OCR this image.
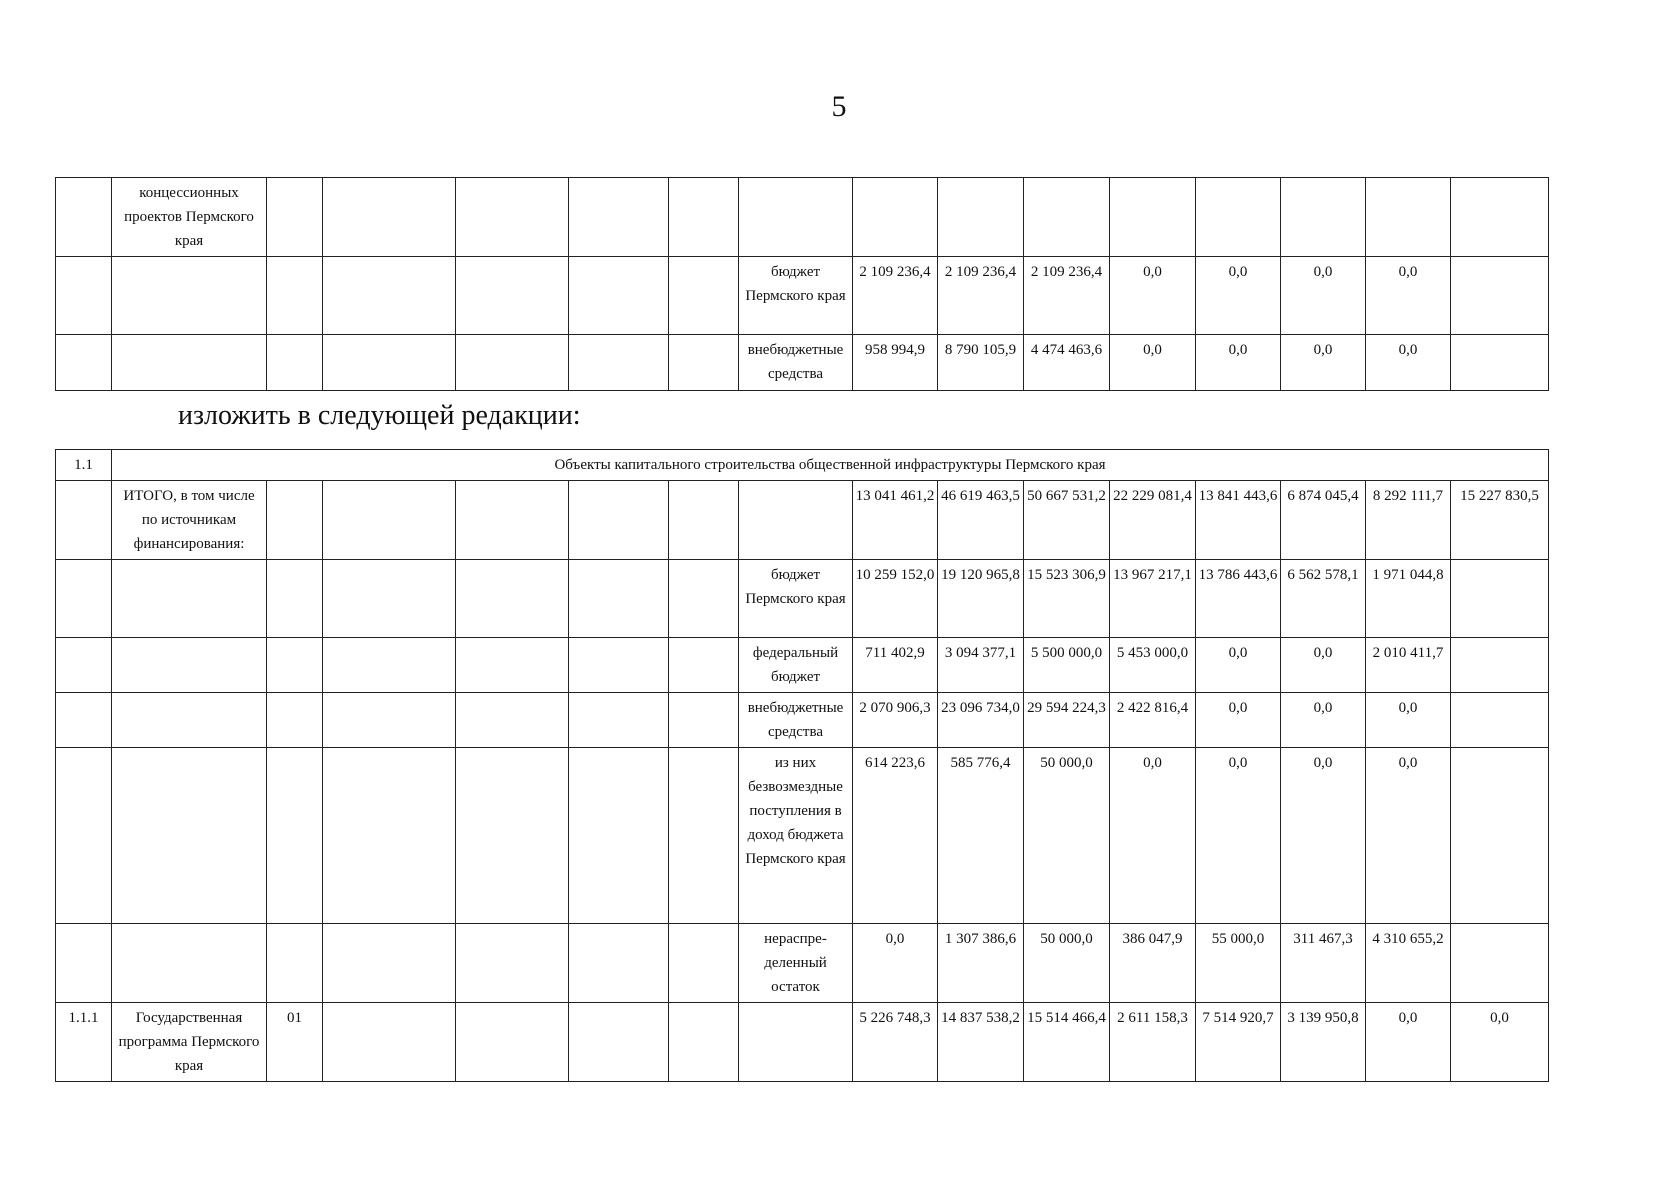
5
	концессионных проектов Пермского края														
							бюджет Пермского края	2 109 236,4	2 109 236,4	2 109 236,4	0,0	0,0	0,0	0,0	
							внебюджетные средства	958 994,9	8 790 105,9	4 474 463,6	0,0	0,0	0,0	0,0	
изложить в следующей редакции:
1.1	Объекты капитального строительства общественной инфраструктуры Пермского края														
	ИТОГО, в том числе по источникам финансирования:							13 041 461,2	46 619 463,5	50 667 531,2	22 229 081,4	13 841 443,6	6 874 045,4	8 292 111,7	15 227 830,5
							бюджет Пермского края	10 259 152,0	19 120 965,8	15 523 306,9	13 967 217,1	13 786 443,6	6 562 578,1	1 971 044,8	
							федеральный бюджет	711 402,9	3 094 377,1	5 500 000,0	5 453 000,0	0,0	0,0	2 010 411,7	
							внебюджетные средства	2 070 906,3	23 096 734,0	29 594 224,3	2 422 816,4	0,0	0,0	0,0	
							из них безвозмездные поступления в доход бюджета Пермского края	614 223,6	585 776,4	50 000,0	0,0	0,0	0,0	0,0	
							нераспре-деленный остаток	0,0	1 307 386,6	50 000,0	386 047,9	55 000,0	311 467,3	4 310 655,2	
1.1.1	Государственная программа Пермского края	01						5 226 748,3	14 837 538,2	15 514 466,4	2 611 158,3	7 514 920,7	3 139 950,8	0,0	0,0
